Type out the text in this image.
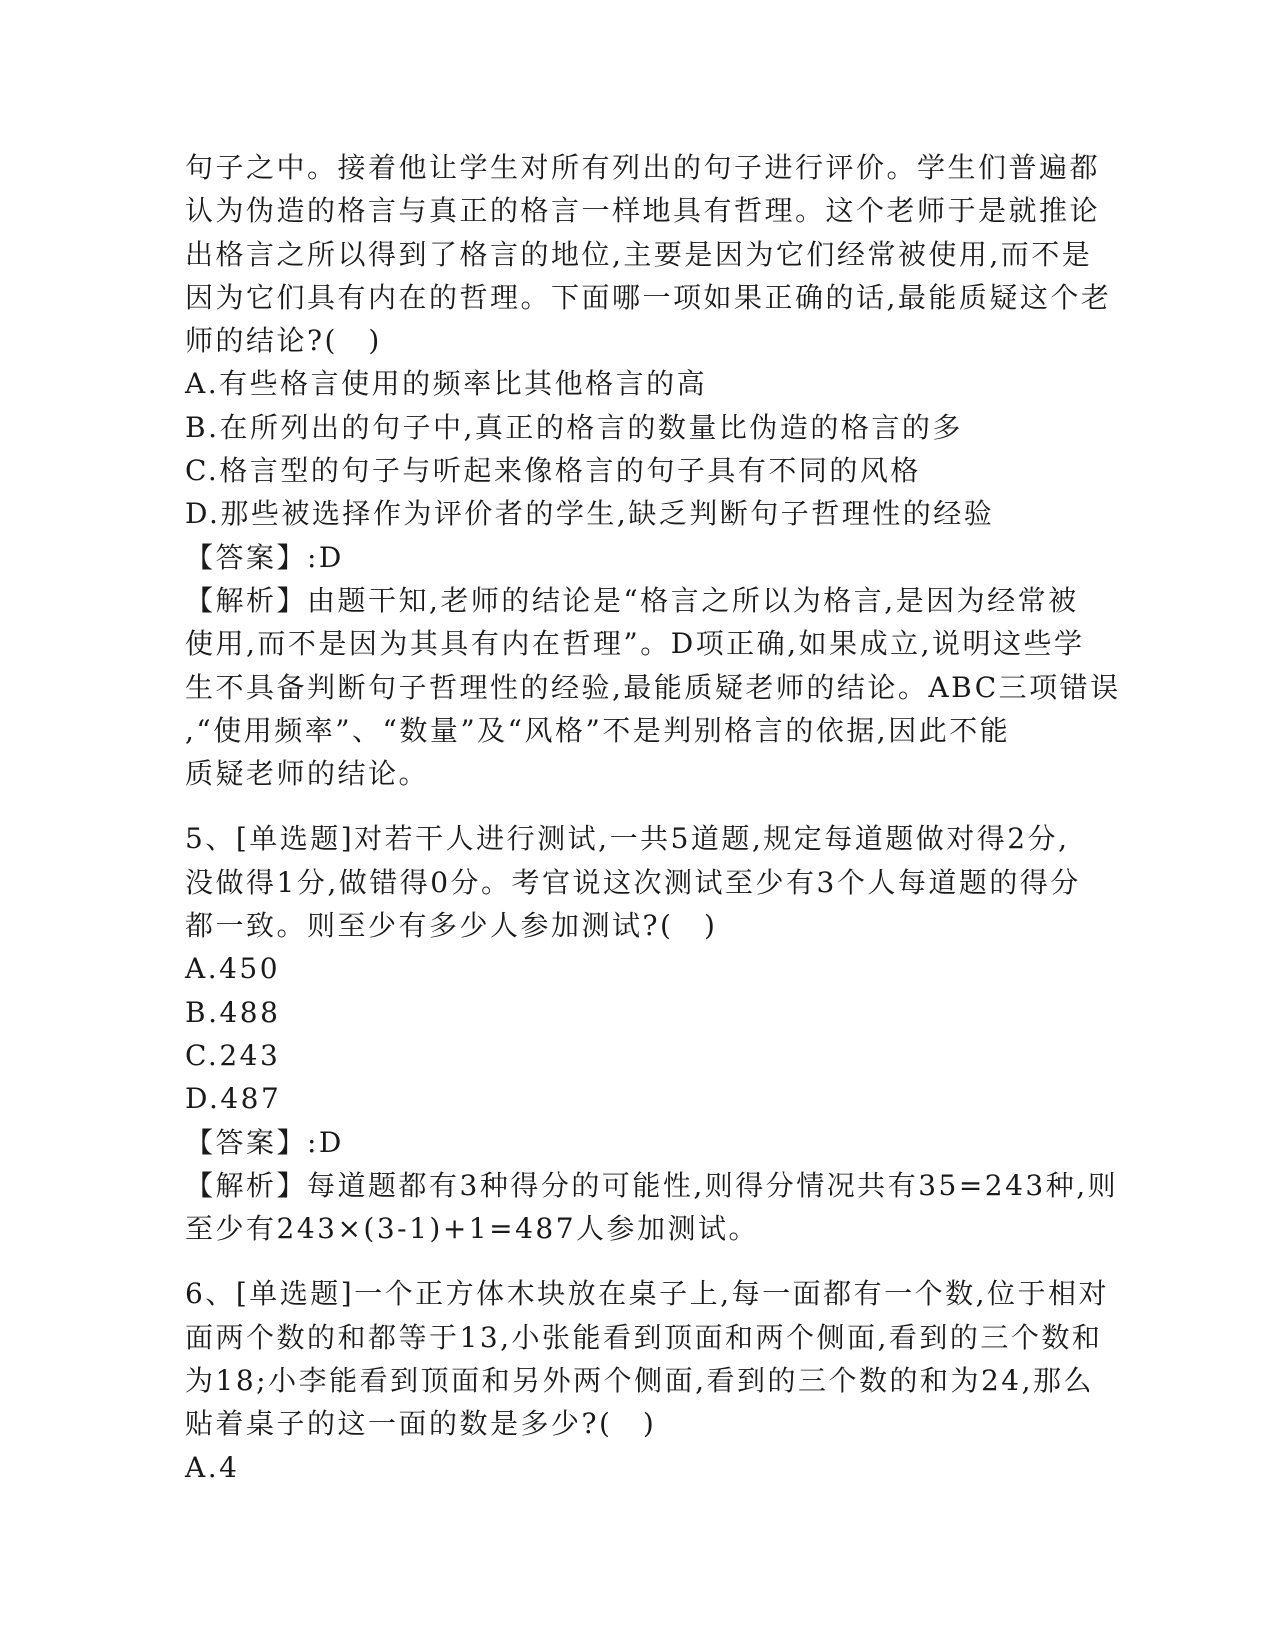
句子之中。接着他让学生对所有列出的句子进行评价。学生们普遍都

认为伪造的格言与真正的格言一样地具有哲理。这个老师于是就推论

出格言之所以得到了格言的地位,主要是因为它们经常被使用,而不是

因为它们具有内在的哲理。下面哪一项如果正确的话,最能质疑这个老

师的结论?(　)

A.有些格言使用的频率比其他格言的高

B.在所列出的句子中,真正的格言的数量比伪造的格言的多

C.格言型的句子与听起来像格言的句子具有不同的风格

D.那些被选择作为评价者的学生,缺乏判断句子哲理性的经验

【答案】:D

【解析】由题干知,老师的结论是“格言之所以为格言,是因为经常被

使用,而不是因为其具有内在哲理”。D项正确,如果成立,说明这些学

生不具备判断句子哲理性的经验,最能质疑老师的结论。ABC三项错误

,“使用频率”、“数量”及“风格”不是判别格言的依据,因此不能

质疑老师的结论。

5、[单选题]对若干人进行测试,一共5道题,规定每道题做对得2分,

没做得1分,做错得0分。考官说这次测试至少有3个人每道题的得分

都一致。则至少有多少人参加测试?(　)

A.450

B.488

C.243

D.487

【答案】:D

【解析】每道题都有3种得分的可能性,则得分情况共有35=243种,则

至少有243×(3-1)+1=487人参加测试。

6、[单选题]一个正方体木块放在桌子上,每一面都有一个数,位于相对

面两个数的和都等于13,小张能看到顶面和两个侧面,看到的三个数和

为18;小李能看到顶面和另外两个侧面,看到的三个数的和为24,那么

贴着桌子的这一面的数是多少?(　)

A.4
